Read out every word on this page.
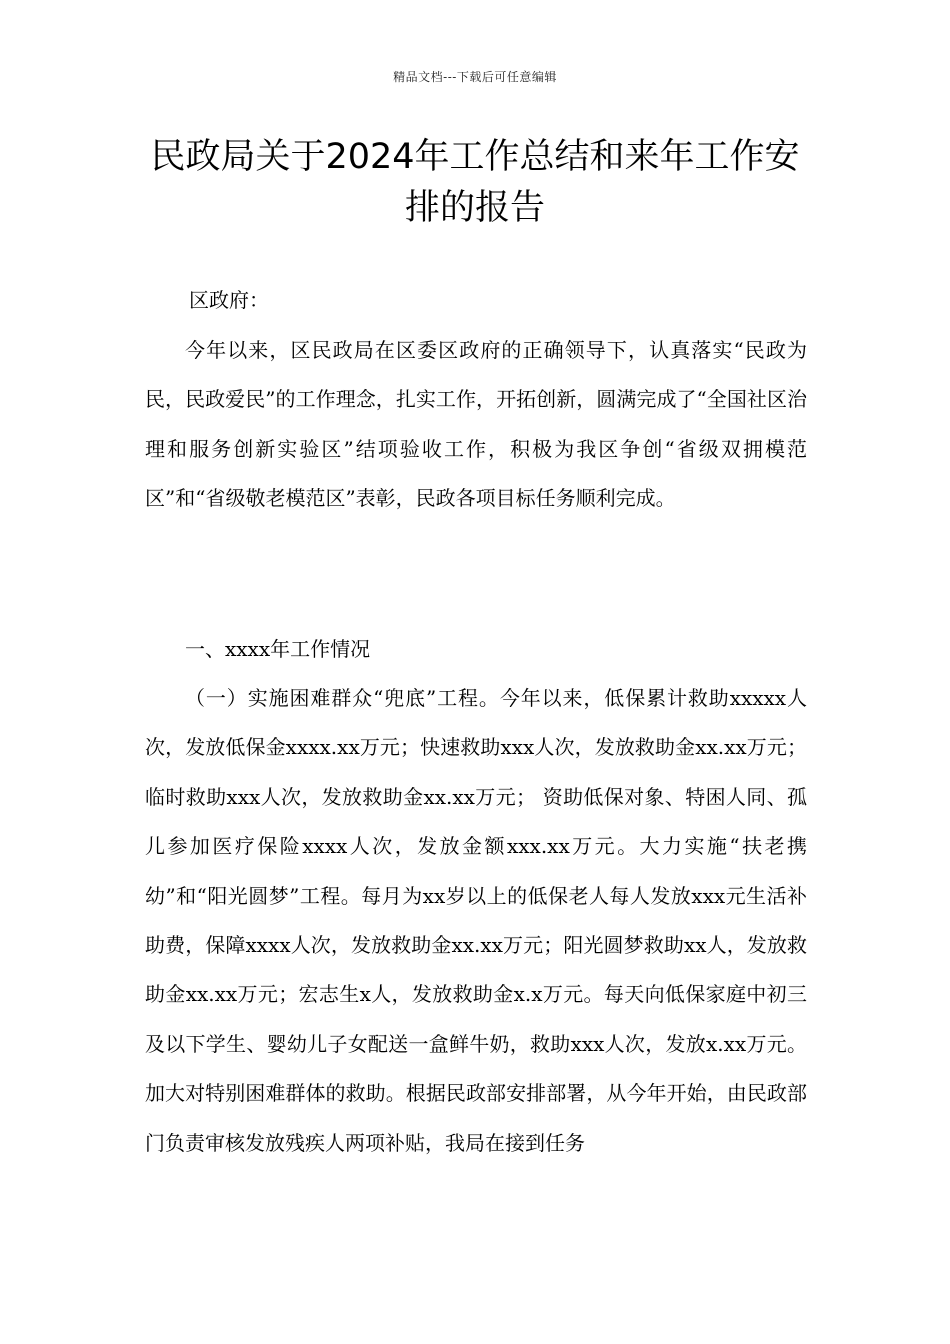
精品文档---下载后可任意编辑
民政局关于2024年工作总结和来年工作安排的报告

区政府：

今年以来，区民政局在区委区政府的正确领导下，认真落实“民政为民，民政爱民”的工作理念，扎实工作，开拓创新，圆满完成了“全国社区治理和服务创新实验区”结项验收工作，积极为我区争创“省级双拥模范区”和“省级敬老模范区”表彰，民政各项目标任务顺利完成。

一、xxxx年工作情况

（一）实施困难群众“兜底”工程。今年以来，低保累计救助xxxxx人次，发放低保金xxxx.xx万元；快速救助xxx人次，发放救助金xx.xx万元；临时救助xxx人次，发放救助金xx.xx万元； 资助低保对象、特困人同、孤儿参加医疗保险xxxx人次，发放金额xxx.xx万元。大力实施“扶老携幼”和“阳光圆梦”工程。每月为xx岁以上的低保老人每人发放xxx元生活补助费，保障xxxx人次，发放救助金xx.xx万元；阳光圆梦救助xx人，发放救助金xx.xx万元；宏志生x人，发放救助金x.x万元。每天向低保家庭中初三及以下学生、婴幼儿子女配送一盒鲜牛奶，救助xxx人次，发放x.xx万元。加大对特别困难群体的救助。根据民政部安排部署，从今年开始，由民政部门负责审核发放残疾人两项补贴，我局在接到任务
